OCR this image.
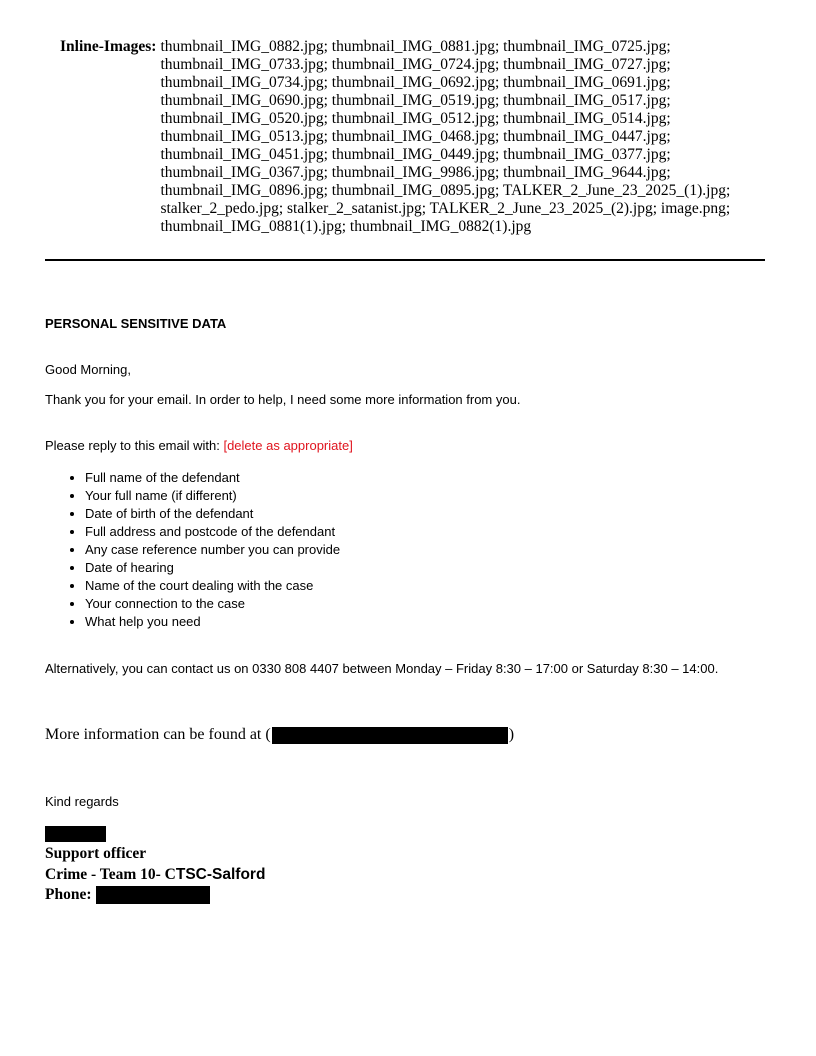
Inline-Images: thumbnail_IMG_0882.jpg; thumbnail_IMG_0881.jpg; thumbnail_IMG_0725.jpg; thumbnail_IMG_0733.jpg; thumbnail_IMG_0724.jpg; thumbnail_IMG_0727.jpg; thumbnail_IMG_0734.jpg; thumbnail_IMG_0692.jpg; thumbnail_IMG_0691.jpg; thumbnail_IMG_0690.jpg; thumbnail_IMG_0519.jpg; thumbnail_IMG_0517.jpg; thumbnail_IMG_0520.jpg; thumbnail_IMG_0512.jpg; thumbnail_IMG_0514.jpg; thumbnail_IMG_0513.jpg; thumbnail_IMG_0468.jpg; thumbnail_IMG_0447.jpg; thumbnail_IMG_0451.jpg; thumbnail_IMG_0449.jpg; thumbnail_IMG_0377.jpg; thumbnail_IMG_0367.jpg; thumbnail_IMG_9986.jpg; thumbnail_IMG_9644.jpg; thumbnail_IMG_0896.jpg; thumbnail_IMG_0895.jpg; TALKER_2_June_23_2025_(1).jpg; stalker_2_pedo.jpg; stalker_2_satanist.jpg; TALKER_2_June_23_2025_(2).jpg; image.png; thumbnail_IMG_0881(1).jpg; thumbnail_IMG_0882(1).jpg
PERSONAL SENSITIVE DATA
Good Morning,
Thank you for your email. In order to help, I need some more information from you.
Please reply to this email with: [delete as appropriate]
• Full name of the defendant
• Your full name (if different)
• Date of birth of the defendant
• Full address and postcode of the defendant
• Any case reference number you can provide
• Date of hearing
• Name of the court dealing with the case
• Your connection to the case
• What help you need
Alternatively, you can contact us on 0330 808 4407 between Monday – Friday 8:30 – 17:00 or Saturday 8:30 – 14:00.
More information can be found at (	)
Kind regards
Support officer
Crime - Team 10- CTSC-Salford
Phone:
